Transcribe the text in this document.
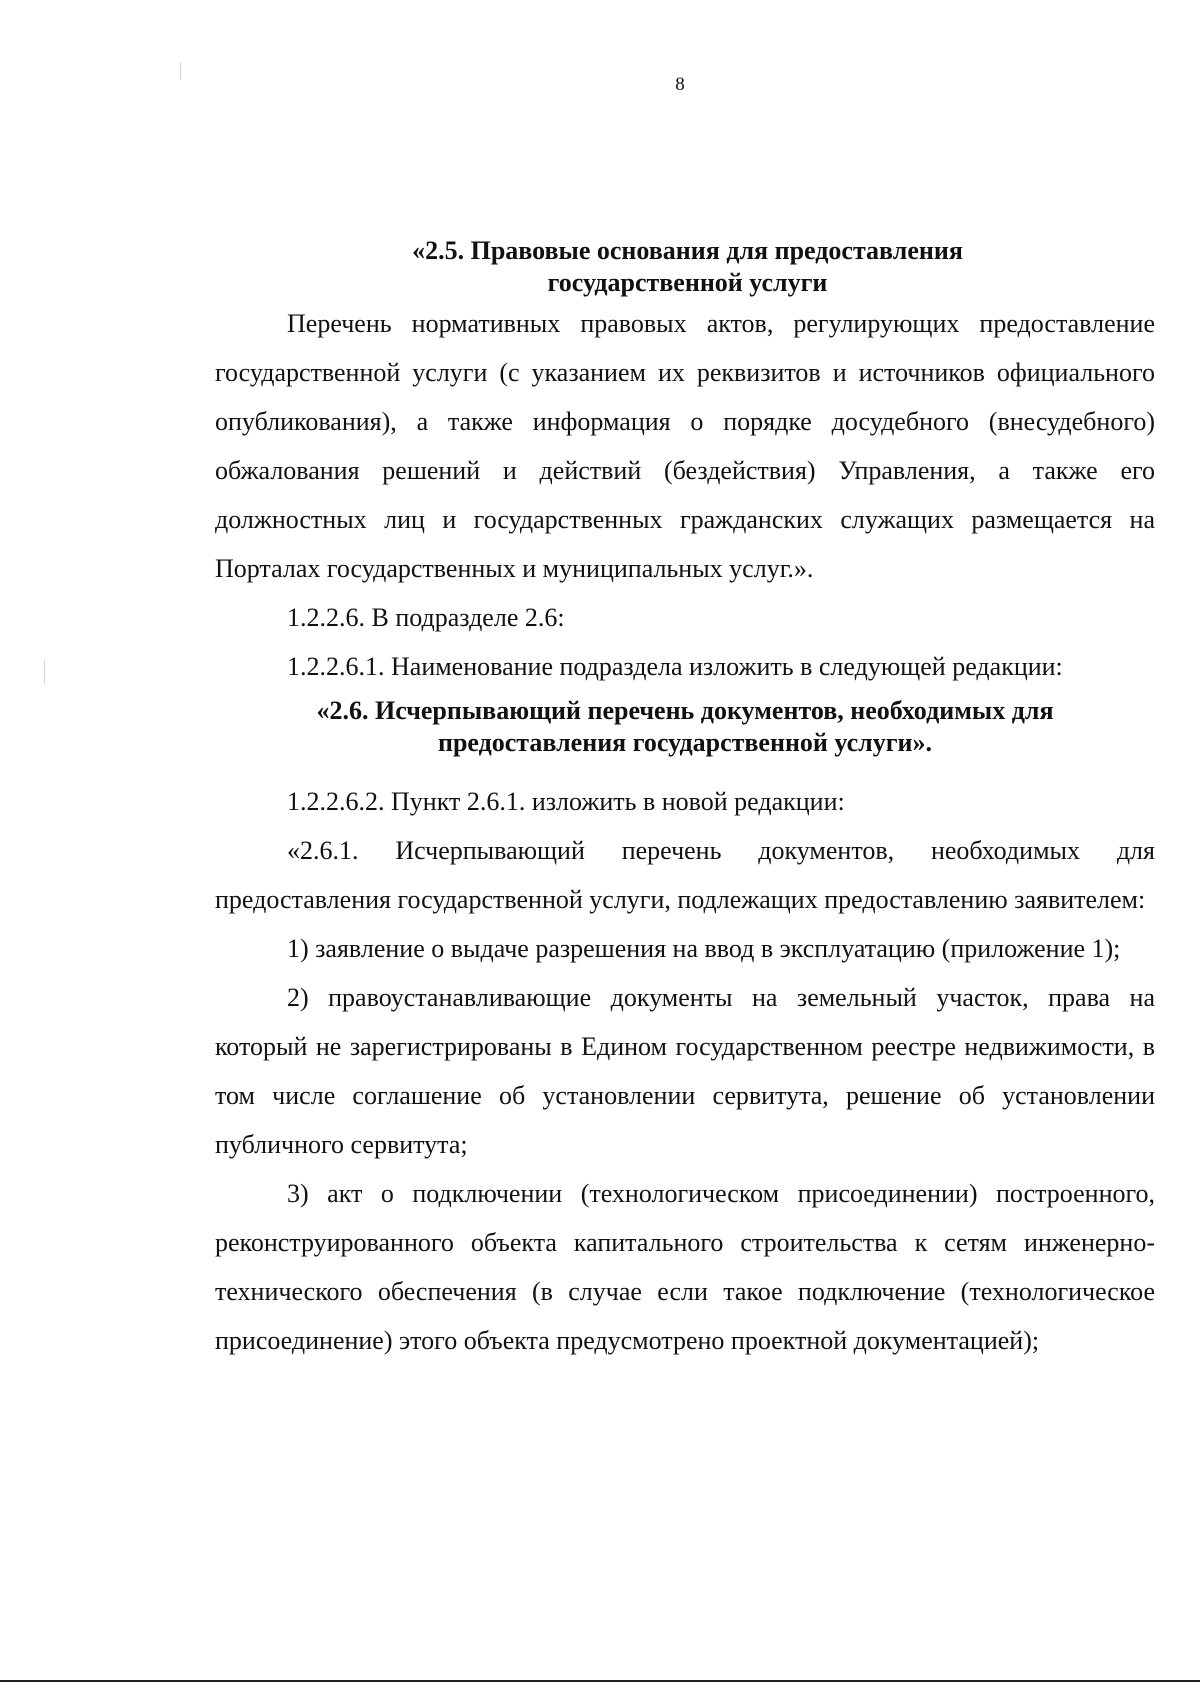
8
«2.5. Правовые основания для предоставления
государственной услуги

Перечень нормативных правовых актов, регулирующих предоставление государственной услуги (с указанием их реквизитов и источников официального опубликования), а также информация о порядке досудебного (внесудебного) обжалования решений и действий (бездействия) Управления, а также его должностных лиц и государственных гражданских служащих размещается на Порталах государственных и муниципальных услуг.».

1.2.2.6. В подразделе 2.6:

1.2.2.6.1. Наименование подраздела изложить в следующей редакции:

«2.6. Исчерпывающий перечень документов, необходимых для
предоставления государственной услуги».

1.2.2.6.2. Пункт 2.6.1. изложить в новой редакции:

«2.6.1. Исчерпывающий перечень документов, необходимых для предоставления государственной услуги, подлежащих предоставлению заявителем:

1) заявление о выдаче разрешения на ввод в эксплуатацию (приложение 1);

2) правоустанавливающие документы на земельный участок, права на который не зарегистрированы в Едином государственном реестре недвижимости, в том числе соглашение об установлении сервитута, решение об установлении публичного сервитута;

3) акт о подключении (технологическом присоединении) построенного, реконструированного объекта капитального строительства к сетям инженерно-технического обеспечения (в случае если такое подключение (технологическое присоединение) этого объекта предусмотрено проектной документацией);
